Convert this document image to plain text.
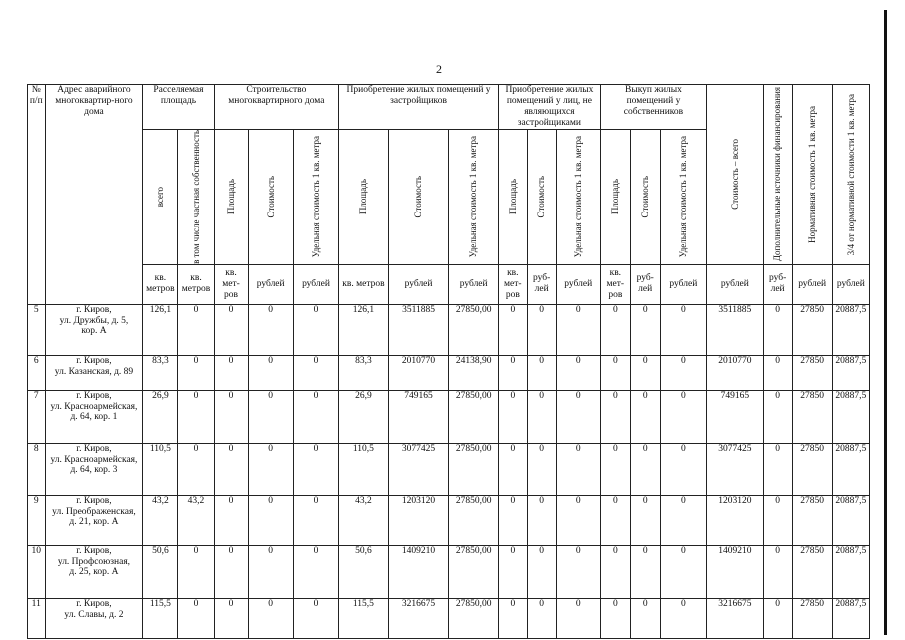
2
№ п/п	Адрес аварийного многоквартир-ного дома	Расселяемая площадь		Строительство многоквартирного дома			Приобретение жилых помещений у застройщиков			Приобретение жилых помещений у лиц, не являющихся застройщиками			Выкуп жилых помещений у собственников			Стоимость – всего	Дополнительные источники финансирования	Нормативная стоимость 1 кв. метра	3/4 от нормативной стоимости 1 кв. метра

		всего	в том числе частная собственность	Площадь	Стоимость	Удельная стоимость 1 кв. метра	Площадь	Стоимость	Удельная стоимость 1 кв. метра	Площадь	Стоимость	Удельная стоимость 1 кв. метра	Площадь	Стоимость	Удельная стоимость 1 кв. метра				

		кв. метров	кв. метров	кв. мет-ров	рублей	рублей	кв. метров	рублей	рублей	кв. мет-ров	руб-лей	рублей	кв. мет-ров	руб-лей	рублей	рублей	руб-лей	рублей	рублей
5	г. Киров,
ул. Дружбы, д. 5,
кор. А	126,1	0	0	0	0	126,1	3511885	27850,00	0	0	0	0	0	0	3511885	0	27850	20887,5
6	г. Киров,
ул. Казанская, д. 89	83,3	0	0	0	0	83,3	2010770	24138,90	0	0	0	0	0	0	2010770	0	27850	20887,5
7	г. Киров,
ул. Красноармейская,
д. 64, кор. 1	26,9	0	0	0	0	26,9	749165	27850,00	0	0	0	0	0	0	749165	0	27850	20887,5
8	г. Киров,
ул. Красноармейская,
д. 64, кор. 3	110,5	0	0	0	0	110,5	3077425	27850,00	0	0	0	0	0	0	3077425	0	27850	20887,5
9	г. Киров,
ул. Преображенская,
д. 21, кор. А	43,2	43,2	0	0	0	43,2	1203120	27850,00	0	0	0	0	0	0	1203120	0	27850	20887,5
10	г. Киров,
ул. Профсоюзная,
д. 25, кор. А	50,6	0	0	0	0	50,6	1409210	27850,00	0	0	0	0	0	0	1409210	0	27850	20887,5
11	г. Киров,
ул. Славы, д. 2	115,5	0	0	0	0	115,5	3216675	27850,00	0	0	0	0	0	0	3216675	0	27850	20887,5
